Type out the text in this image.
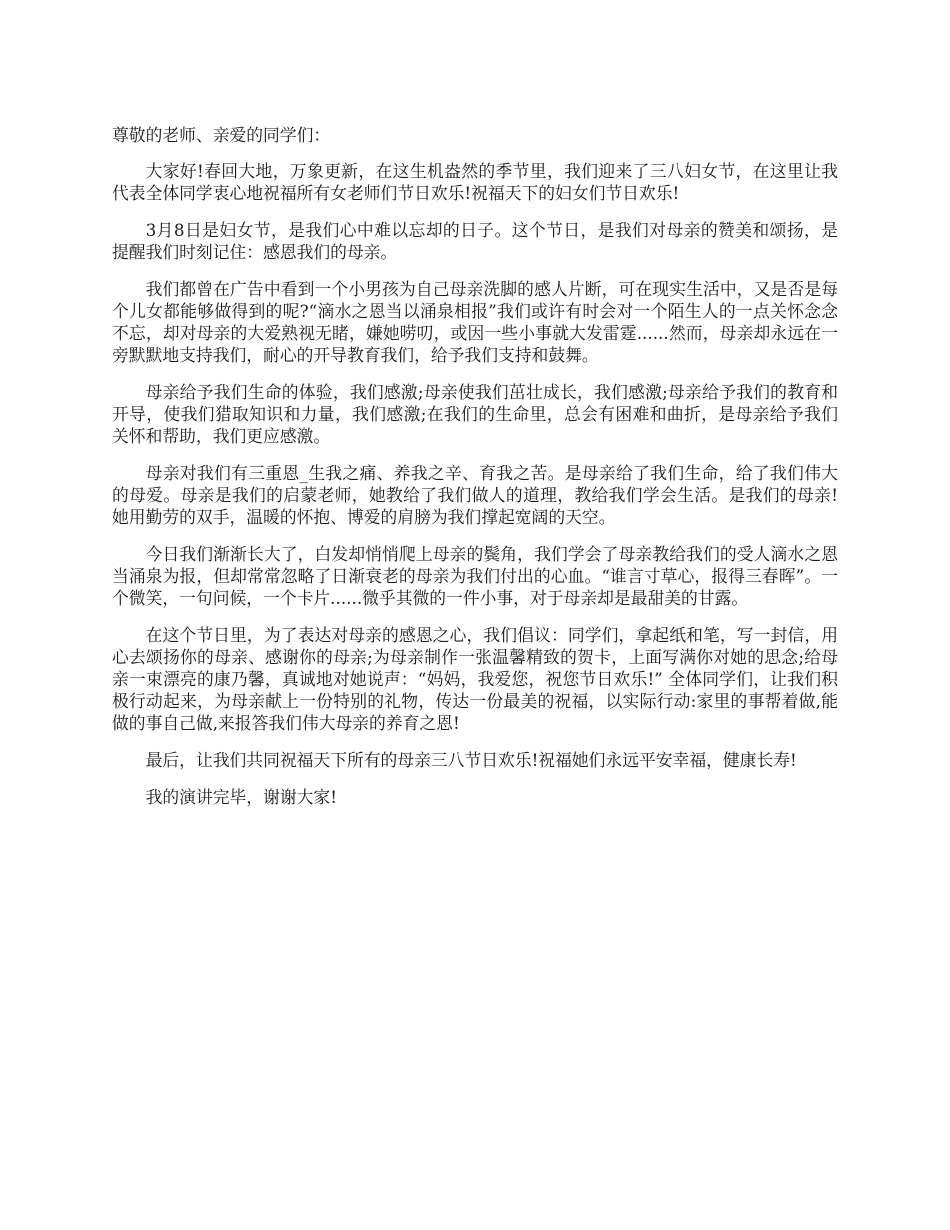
尊敬的老师、亲爱的同学们：

大家好!春回大地，万象更新，在这生机盎然的季节里，我们迎来了三八妇女节，在这里让我代表全体同学衷心地祝福所有女老师们节日欢乐!祝福天下的妇女们节日欢乐!

3月8日是妇女节，是我们心中难以忘却的日子。这个节日，是我们对母亲的赞美和颂扬，是提醒我们时刻记住：感恩我们的母亲。

我们都曾在广告中看到一个小男孩为自己母亲洗脚的感人片断，可在现实生活中，又是否是每个儿女都能够做得到的呢?“滴水之恩当以涌泉相报”我们或许有时会对一个陌生人的一点关怀念念不忘，却对母亲的大爱熟视无睹，嫌她唠叨，或因一些小事就大发雷霆......然而，母亲却永远在一旁默默地支持我们，耐心的开导教育我们，给予我们支持和鼓舞。

母亲给予我们生命的体验，我们感激;母亲使我们茁壮成长，我们感激;母亲给予我们的教育和开导，使我们猎取知识和力量，我们感激;在我们的生命里，总会有困难和曲折，是母亲给予我们关怀和帮助，我们更应感激。

母亲对我们有三重恩_生我之痛、养我之辛、育我之苦。是母亲给了我们生命，给了我们伟大的母爱。母亲是我们的启蒙老师，她教给了我们做人的道理，教给我们学会生活。是我们的母亲!她用勤劳的双手，温暖的怀抱、博爱的肩膀为我们撑起宽阔的天空。

今日我们渐渐长大了，白发却悄悄爬上母亲的鬓角，我们学会了母亲教给我们的受人滴水之恩当涌泉为报，但却常常忽略了日渐衰老的母亲为我们付出的心血。“谁言寸草心，报得三春晖”。一个微笑，一句问候，一个卡片......微乎其微的一件小事，对于母亲却是最甜美的甘露。

在这个节日里，为了表达对母亲的感恩之心，我们倡议：同学们，拿起纸和笔，写一封信，用心去颂扬你的母亲、感谢你的母亲;为母亲制作一张温馨精致的贺卡，上面写满你对她的思念;给母亲一束漂亮的康乃馨，真诚地对她说声：“妈妈，我爱您，祝您节日欢乐!” 全体同学们，让我们积极行动起来，为母亲献上一份特别的礼物，传达一份最美的祝福，以实际行动:家里的事帮着做,能做的事自己做,来报答我们伟大母亲的养育之恩!

最后，让我们共同祝福天下所有的母亲三八节日欢乐!祝福她们永远平安幸福，健康长寿!

我的演讲完毕，谢谢大家!
